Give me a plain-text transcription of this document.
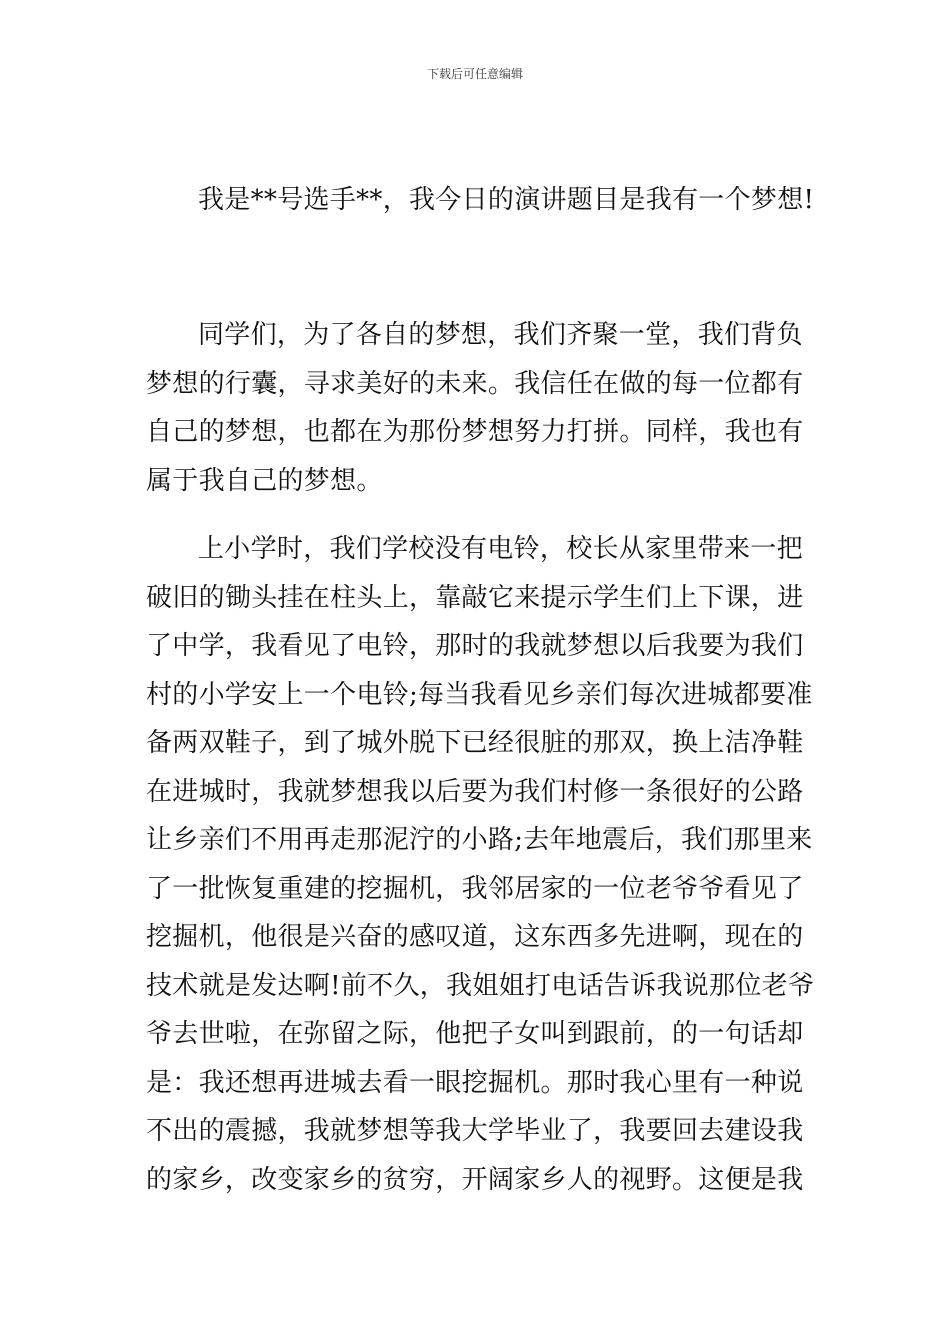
下载后可任意编辑
我是**号选手**，我今日的演讲题目是我有一个梦想!
同学们，为了各自的梦想，我们齐聚一堂，我们背负
梦想的行囊，寻求美好的未来。我信任在做的每一位都有
自己的梦想，也都在为那份梦想努力打拼。同样，我也有
属于我自己的梦想。
上小学时，我们学校没有电铃，校长从家里带来一把
破旧的锄头挂在柱头上，靠敲它来提示学生们上下课，进
了中学，我看见了电铃，那时的我就梦想以后我要为我们
村的小学安上一个电铃;每当我看见乡亲们每次进城都要准
备两双鞋子，到了城外脱下已经很脏的那双，换上洁净鞋
在进城时，我就梦想我以后要为我们村修一条很好的公路
让乡亲们不用再走那泥泞的小路;去年地震后，我们那里来
了一批恢复重建的挖掘机，我邻居家的一位老爷爷看见了
挖掘机，他很是兴奋的感叹道，这东西多先进啊，现在的
技术就是发达啊!前不久，我姐姐打电话告诉我说那位老爷
爷去世啦，在弥留之际，他把子女叫到跟前，的一句话却
是：我还想再进城去看一眼挖掘机。那时我心里有一种说
不出的震撼，我就梦想等我大学毕业了，我要回去建设我
的家乡，改变家乡的贫穷，开阔家乡人的视野。这便是我
